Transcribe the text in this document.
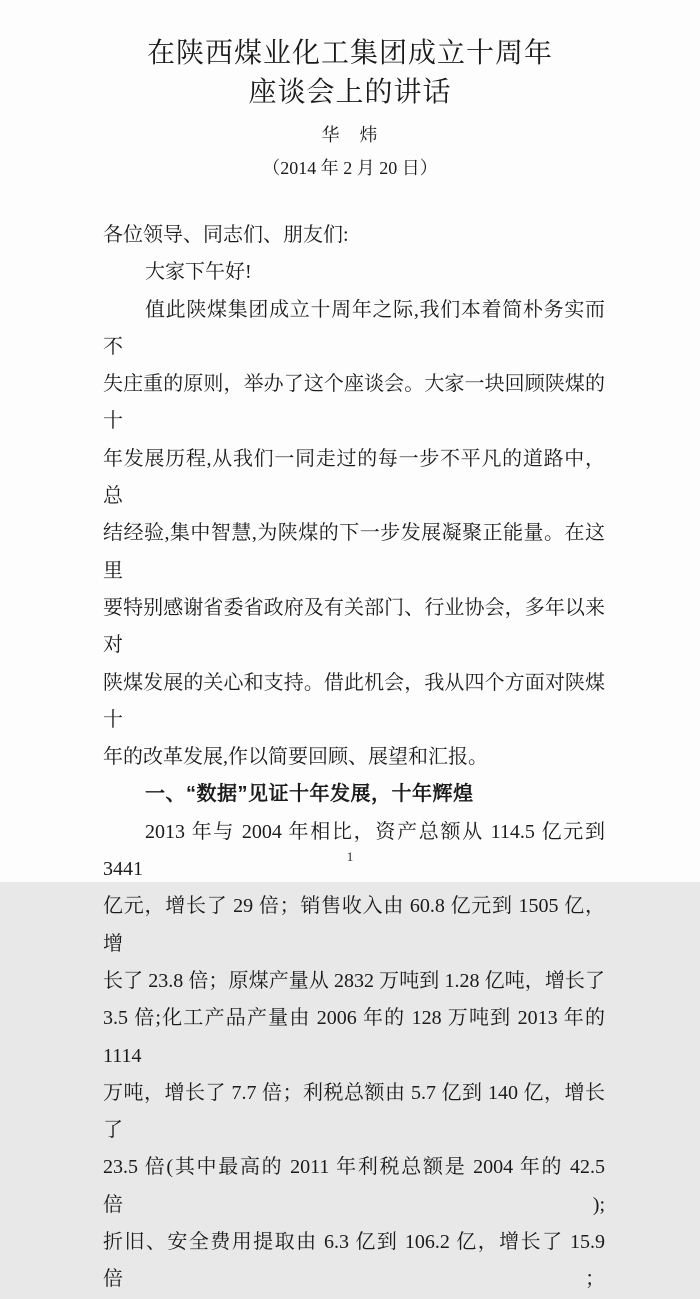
在陕西煤业化工集团成立十周年
座谈会上的讲话
华　炜
（2014 年 2 月 20 日）
各位领导、同志们、朋友们:
大家下午好!
值此陕煤集团成立十周年之际,我们本着简朴务实而不
失庄重的原则，举办了这个座谈会。大家一块回顾陕煤的十
年发展历程,从我们一同走过的每一步不平凡的道路中，总
结经验,集中智慧,为陕煤的下一步发展凝聚正能量。在这里
要特别感谢省委省政府及有关部门、行业协会，多年以来对
陕煤发展的关心和支持。借此机会，我从四个方面对陕煤十
年的改革发展,作以简要回顾、展望和汇报。
一、“数据”见证十年发展，十年辉煌
2013 年与 2004 年相比，资产总额从 114.5 亿元到 3441
亿元，增长了 29 倍；销售收入由 60.8 亿元到 1505 亿，增
长了 23.8 倍；原煤产量从 2832 万吨到 1.28 亿吨，增长了
3.5 倍;化工产品产量由 2006 年的 128 万吨到 2013 年的 1114
万吨，增长了 7.7 倍；利税总额由 5.7 亿到 140 亿，增长了
23.5 倍(其中最高的 2011 年利税总额是 2004 年的 42.5 倍);
折旧、安全费用提取由 6.3 亿到 106.2 亿，增长了 15.9 倍；
1
